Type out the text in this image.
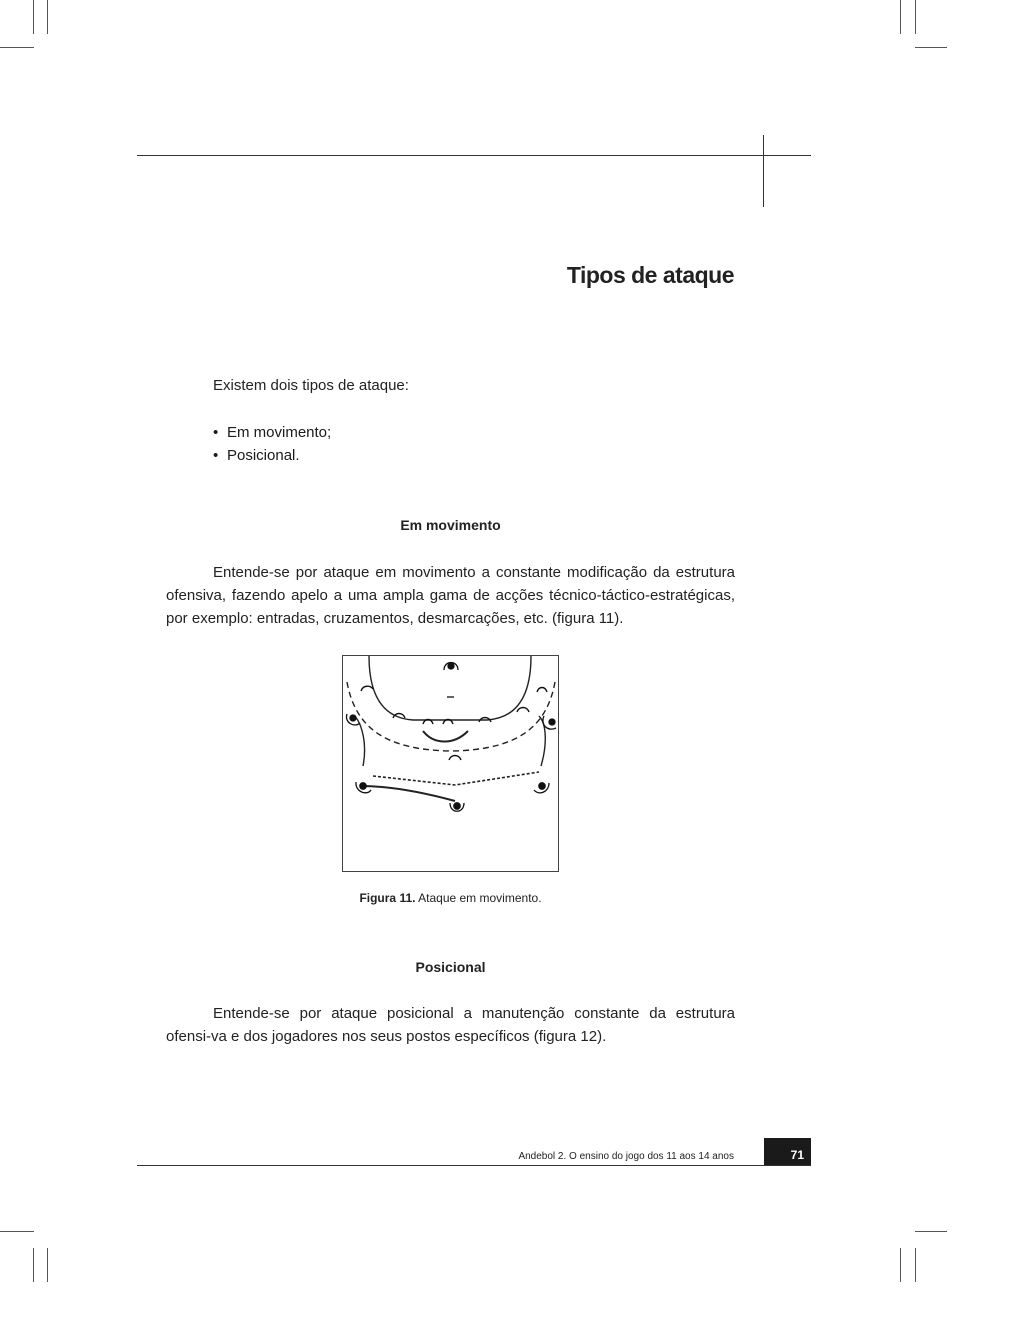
Tipos de ataque
Existem dois tipos de ataque:
• Em movimento;
• Posicional.
Em movimento
Entende-se por ataque em movimento a constante modificação da estrutura ofensiva, fazendo apelo a uma ampla gama de acções técnico-táctico-estratégicas, por exemplo: entradas, cruzamentos, desmarcações, etc. (figura 11).
Figura 11. Ataque em movimento.
Posicional
Entende-se por ataque posicional a manutenção constante da estrutura ofensi-va e dos jogadores nos seus postos específicos (figura 12).
Andebol 2. O ensino do jogo dos 11 aos 14 anos	71
